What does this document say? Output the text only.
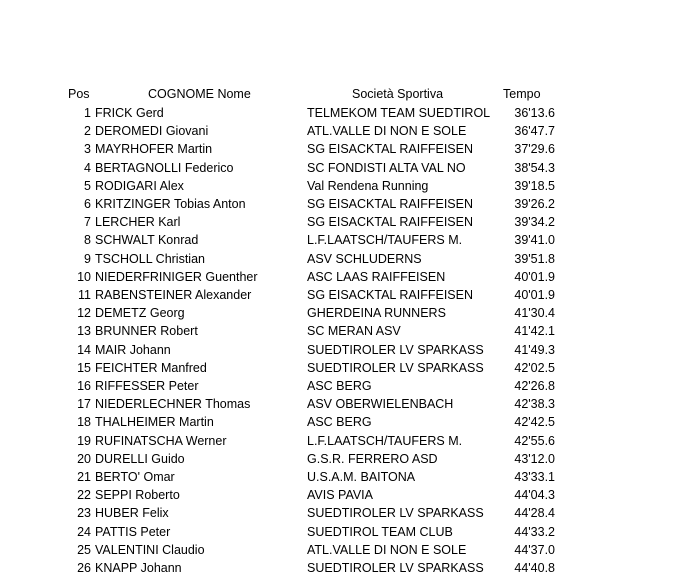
Pos	COGNOME Nome	Società Sportiva	Tempo
1 FRICK Gerd	TELMEKOM TEAM SUEDTIROL 36'13.6
2 DEROMEDI Giovani	ATL.VALLE DI NON E SOLE	36'47.7
3 MAYRHOFER Martin	SG EISACKTAL RAIFFEISEN	37'29.6
4 BERTAGNOLLI Federico	SC FONDISTI ALTA VAL NO	38'54.3
5 RODIGARI Alex	Val Rendena Running	39'18.5
6 KRITZINGER Tobias Anton	SG EISACKTAL RAIFFEISEN	39'26.2
7 LERCHER Karl	SG EISACKTAL RAIFFEISEN	39'34.2
8 SCHWALT Konrad	L.F.LAATSCH/TAUFERS M.	39'41.0
9 TSCHOLL Christian	ASV SCHLUDERNS	39'51.8
10 NIEDERFRINIGER Guenther	ASC LAAS RAIFFEISEN	40'01.9
11 RABENSTEINER Alexander	SG EISACKTAL RAIFFEISEN	40'01.9
12 DEMETZ Georg	GHERDEINA RUNNERS	41'30.4
13 BRUNNER Robert	SC MERAN ASV	41'42.1
14 MAIR Johann	SUEDTIROLER LV SPARKASS 41'49.3
15 FEICHTER Manfred	SUEDTIROLER LV SPARKASS 42'02.5
16 RIFFESSER Peter	ASC BERG	42'26.8
17 NIEDERLECHNER Thomas	ASV OBERWIELENBACH	42'38.3
18 THALHEIMER Martin	ASC BERG	42'42.5
19 RUFINATSCHA Werner	L.F.LAATSCH/TAUFERS M.	42'55.6
20 DURELLI Guido	G.S.R. FERRERO ASD	43'12.0
21 BERTO' Omar	U.S.A.M. BAITONA	43'33.1
22 SEPPI Roberto	AVIS PAVIA	44'04.3
23 HUBER Felix	SUEDTIROLER LV SPARKASS 44'28.4
24 PATTIS Peter	SUEDTIROL TEAM CLUB	44'33.2
25 VALENTINI Claudio	ATL.VALLE DI NON E SOLE	44'37.0
26 KNAPP Johann	SUEDTIROLER LV SPARKASS 44'40.8
